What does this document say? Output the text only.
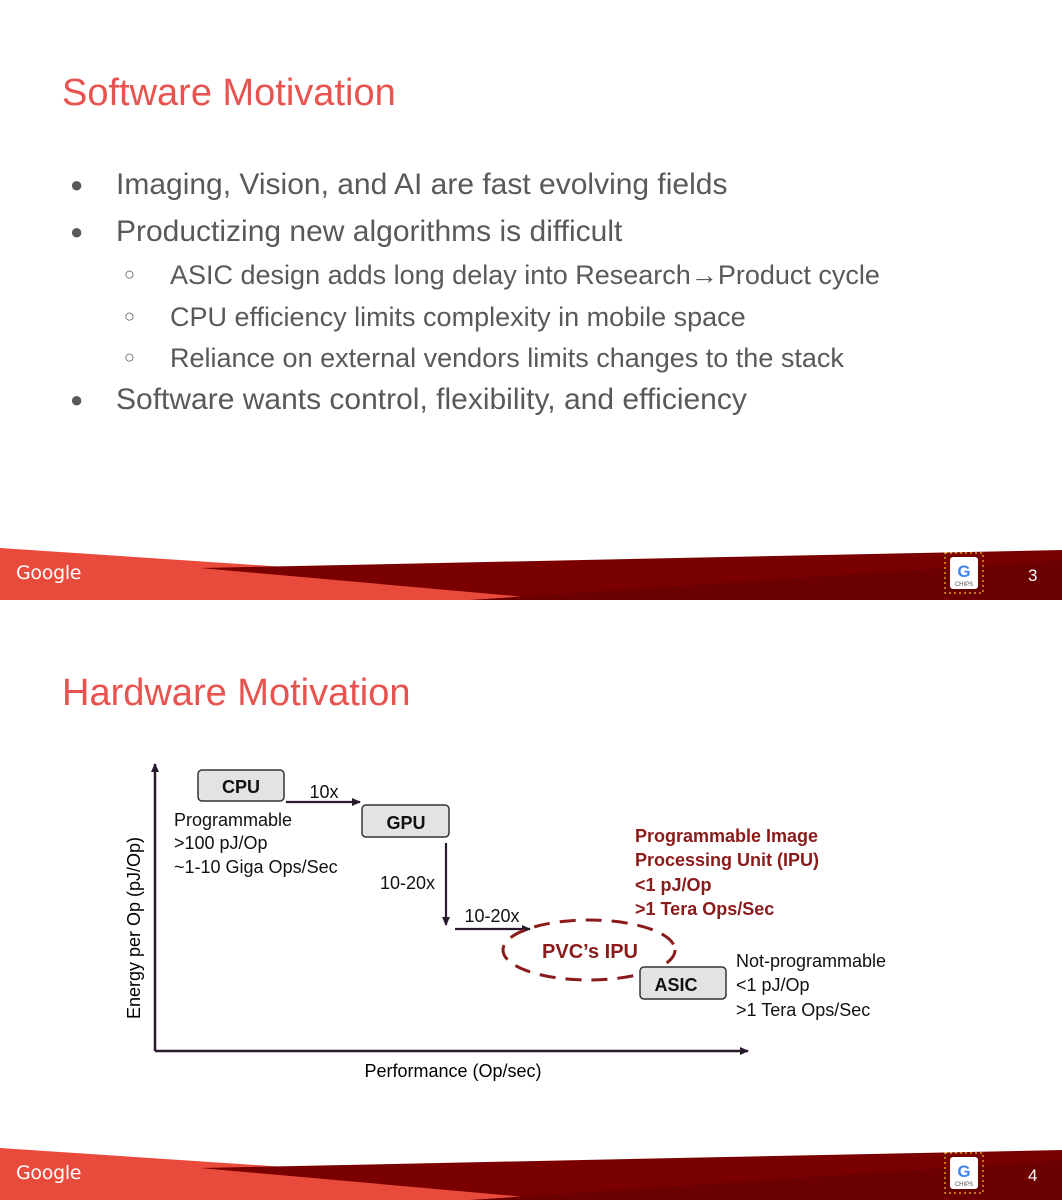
Software Motivation
● Imaging, Vision, and AI are fast evolving fields
● Productizing new algorithms is difficult
○ ASIC design adds long delay into Research→Product cycle
○ CPU efficiency limits complexity in mobile space
○ Reliance on external vendors limits changes to the stack
● Software wants control, flexibility, and efficiency
Google	G
CHIPS	3
Hardware Motivation
Energy per Op (pJ/Op)
Performance (Op/sec)
CPU
Programmable
>100 pJ/Op
~1-10 Giga Ops/Sec
10x
GPU
10-20x
10-20x
PVC’s IPU
Programmable Image
Processing Unit (IPU)
<1 pJ/Op
>1 Tera Ops/Sec
ASIC
Not-programmable
<1 pJ/Op
>1 Tera Ops/Sec
Google	G
CHIPS	4
